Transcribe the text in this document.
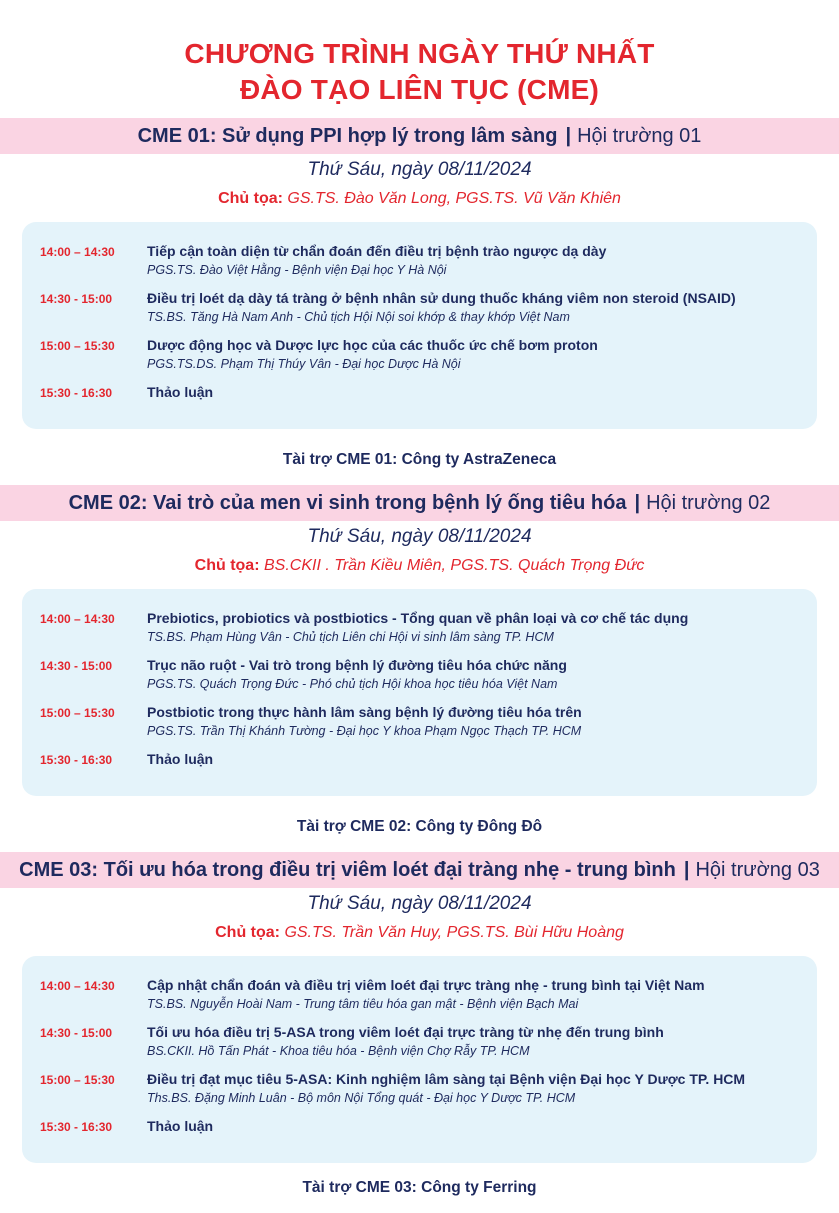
CHƯƠNG TRÌNH NGÀY THỨ NHẤT
ĐÀO TẠO LIÊN TỤC (CME)
CME 01: Sử dụng PPI hợp lý trong lâm sàng | Hội trường 01
Thứ Sáu, ngày 08/11/2024
Chủ tọa: GS.TS. Đào Văn Long, PGS.TS. Vũ Văn Khiên
14:00 – 14:30	Tiếp cận toàn diện từ chẩn đoán đến điều trị bệnh trào ngược dạ dày
PGS.TS. Đào Việt Hằng - Bệnh viện Đại học Y Hà Nội
14:30 - 15:00	Điều trị loét dạ dày tá tràng ở bệnh nhân sử dung thuốc kháng viêm non steroid (NSAID)
TS.BS. Tăng Hà Nam Anh - Chủ tịch Hội Nội soi khớp & thay khớp Việt Nam
15:00 – 15:30	Dược động học và Dược lực học của các thuốc ức chế bơm proton
PGS.TS.DS. Phạm Thị Thúy Vân - Đại học Dược Hà Nội
15:30 - 16:30	Thảo luận
Tài trợ CME 01: Công ty AstraZeneca
CME 02: Vai trò của men vi sinh trong bệnh lý ống tiêu hóa | Hội trường 02
Thứ Sáu, ngày 08/11/2024
Chủ tọa: BS.CKII . Trần Kiều Miên, PGS.TS. Quách Trọng Đức
14:00 – 14:30	Prebiotics, probiotics và postbiotics - Tổng quan về phân loại và cơ chế tác dụng
TS.BS. Phạm Hùng Vân - Chủ tịch Liên chi Hội vi sinh lâm sàng TP. HCM
14:30 - 15:00	Trục não ruột - Vai trò trong bệnh lý đường tiêu hóa chức năng
PGS.TS. Quách Trọng Đức - Phó chủ tịch Hội khoa học tiêu hóa Việt Nam
15:00 – 15:30	Postbiotic trong thực hành lâm sàng bệnh lý đường tiêu hóa trên
PGS.TS. Trần Thị Khánh Tường - Đại học Y khoa Phạm Ngọc Thạch TP. HCM
15:30 - 16:30	Thảo luận
Tài trợ CME 02: Công ty Đông Đô
CME 03: Tối ưu hóa trong điều trị viêm loét đại tràng nhẹ - trung bình | Hội trường 03
Thứ Sáu, ngày 08/11/2024
Chủ tọa: GS.TS. Trần Văn Huy, PGS.TS. Bùi Hữu Hoàng
14:00 – 14:30	Cập nhật chẩn đoán và điều trị viêm loét đại trực tràng nhẹ - trung bình tại Việt Nam
TS.BS. Nguyễn Hoài Nam - Trung tâm tiêu hóa gan mật - Bệnh viện Bạch Mai
14:30 - 15:00	Tối ưu hóa điều trị 5-ASA trong viêm loét đại trực tràng từ nhẹ đến trung bình
BS.CKII. Hồ Tấn Phát - Khoa tiêu hóa - Bệnh viện Chợ Rẫy TP. HCM
15:00 – 15:30	Điều trị đạt mục tiêu 5-ASA: Kinh nghiệm lâm sàng tại Bệnh viện Đại học Y Dược TP. HCM
Ths.BS. Đặng Minh Luân - Bộ môn Nội Tổng quát - Đại học Y Dược TP. HCM
15:30 - 16:30	Thảo luận
Tài trợ CME 03: Công ty Ferring
